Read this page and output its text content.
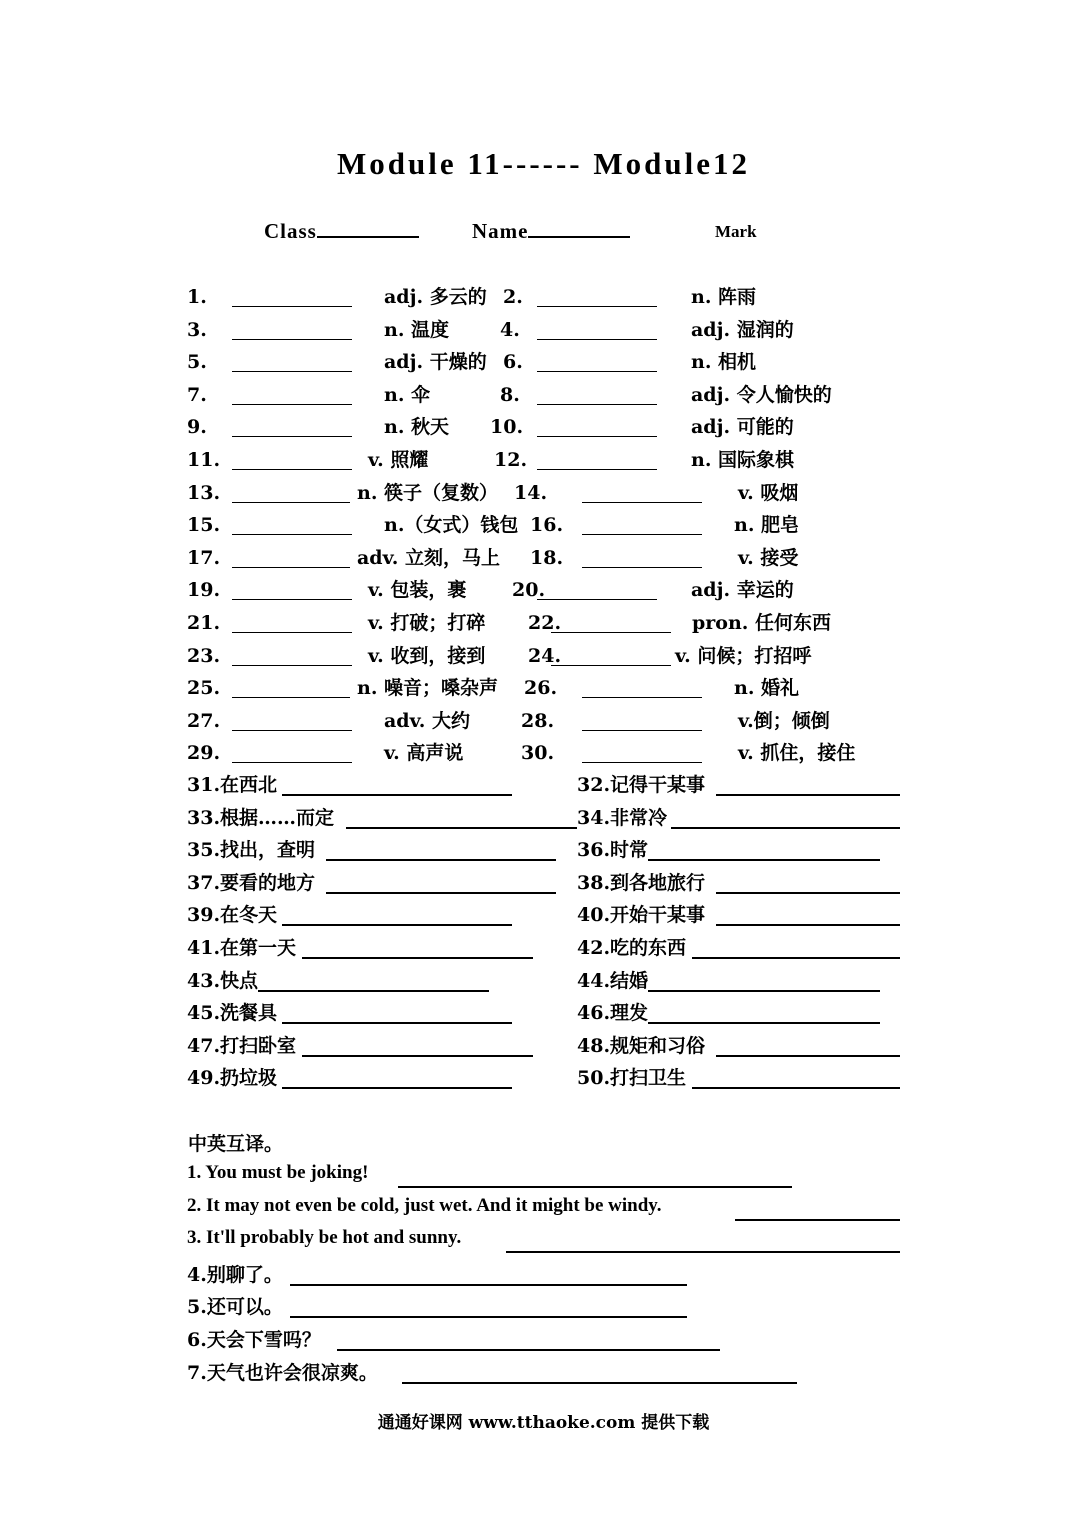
Module 11------ Module12
Class	Name	Mark
1.	adj. 多云的 2.	n. 阵雨
3.	n. 温度	4.	adj. 湿润的
5.	adj. 干燥的 6.	n. 相机
7.	n. 伞	8.	adj. 令人愉快的
9.	n. 秋天 10.	adj. 可能的
11.	v. 照耀	12.	n. 国际象棋
13.	n. 筷子（复数） 14.	v. 吸烟
15.	n.（女式）钱包 16.	n. 肥皂
17.	adv. 立刻，马上 18.	v. 接受
19.	v. 包装，裹 20.	adj. 幸运的
21.	v. 打破；打碎 22.	pron. 任何东西
23.	v. 收到，接到 24.	v. 问候；打招呼
25.	n. 噪音；嗓杂声 26.	n. 婚礼
27.	adv. 大约	28.	v.倒；倾倒
29.	v. 高声说	30.	v. 抓住，接住
31.在西北	32.记得干某事
33.根据……而定	34.非常冷
35.找出，查明	36.时常
37.要看的地方	38.到各地旅行
39.在冬天	40.开始干某事
41.在第一天	42.吃的东西
43.快点	44.结婚
45.洗餐具	46.理发
47.打扫卧室	48.规矩和习俗
49.扔垃圾	50.打扫卫生
中英互译。
1. You must be joking!
2. It may not even be cold, just wet. And it might be windy.
3. It'll probably be hot and sunny.
4.别聊了。
5.还可以。
6.天会下雪吗？
7.天气也许会很凉爽。
通通好课网 www.tthaoke.com 提供下载
